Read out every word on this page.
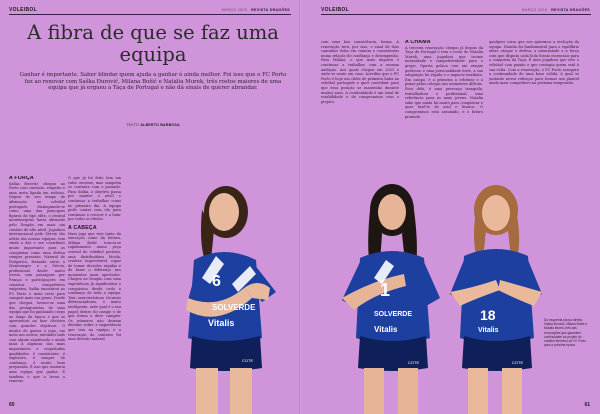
VOLEIBOL	MARÇO 2025 REVISTA DRAGÕES
A fibra de que se faz uma equipa

Ganhar é importante. Saber blindar quem ajuda a ganhar é ainda melhor. Foi isso que o FC Porto fez ao renovar com Saška Đurović, Milana Božić e Natalia Murek, três rostos maiores de uma equipa que já ergueu a Taça de Portugal e não dá sinais de querer abrandar.

TEXTO ALBERTO BARBOSA
A FORÇA

Saška Đurović chegou ao Porto com contrato, respeito e uma meta ligada em rodeios. Depois do seu tempo de afirmação no voleibol português, distinguindo-se como uma das principais figuras de tipo elite, o central montenegrino havia afirmado pelo Dragão em mais um cenário de alto nível. Jogadora internacional pela Sérvia tão atleta das nossas equipas, tem vindo a dar o seu contributo muito importante para as conquistas como uma defesa sempre presente. Natural de Podgorica, formada entre o Montenegro e a Sérvia, profissional desde muito jovem, com passagens por França e participações em cenários competitivos exigentes, Saška encontrou no FC Porto o meio certo para cumprir mais um passo. Desde que chegou, tornou-se uma das protagonistas de uma equipa que foi ganhando corpo ao longo da época e que se apresentou na fase decisiva com grandes objetivos. O intuito de gastar o jogo, em meio aos outros, entender lado com algum significado e ainda mais a algumas das mais importantes e respeitadas qualidades: é consistente, é explosiva, é sempre de confiança, é muito bem preparada. É isso que sustenta uma equipa que ganha. E também o que a levou a renovar.

O que já foi feito tem um valor enorme, mas ninguém se contenta com o passado. Para Saška, o objetivo passa por manter o nível e continuar a trabalhar como no primeiro dia. A equipa pode contar com ela para continuar a crescer e a lutar por todos os títulos.

A CABEÇA

Num jogo que vive tanto da execução como da leitura, Milana Božić tornou-se rapidamente numa peça central do voleibol portista, uma distribuidora lúcida, criativa, imprevisível, capaz de tomar decisões rápidas e de fazer a diferença nos momentos mais apertados. Chegou ao Dragão com uma experiência já significativa e conquistou desde cedo a confiança de toda a equipa. Tem características técnicas diferenciadoras, é muito inteligente, sabe qual é o seu papel dentro do campo e de que forma o deve cumprir. Os números não deixam dúvidas sobre a importância que tem na equipa, e a renovação do contrato foi uma decisão natural.

60
VOLEIBOL	MARÇO 2025 REVISTA DRAGÕES

com uma boa consistência, forma. A renovação terá, por isso, o sinal de dois caminhos tidos em comum e consistentes numa relação de confiança e desempenho. Para Milana, o que mais importa é continuar a trabalhar com a mesma ambição. Aos quais chegou em 2023 e onde se sente em casa. Acredita que o FC Porto é hoje um clube de primeira linha no voleibol português e quer contribuir para que essa posição se mantenha durante muitos anos. A continuidade é um sinal de estabilidade e de compromisso com o projeto.

A CHAMA

A terceira renovação chegou já depois da Taça de Portugal e tem o rosto de Natalia Murek, uma jogadora que trouxe intensidade e competitividade para o grupo. Oposta polaca com um ataque poderoso e uma personalidade forte, a sua adaptação foi rápida e o impacto imediato. Em campo, é a primeira a celebrar e a puxar pelas colegas nos momentos difíceis. Fora dele, é uma presença tranquila, trabalhadora e profissional, uma referência para as mais jovens. Natalia sabe que ainda há muito para conquistar e quer fazê-lo de azul e branco. O compromisso está assumido, e o futuro promete.

qualquer coisa que nos quisemos a evolução da equipa. Natalia foi fundamental para o equilíbrio entre ataque e defesa, a intensidade e a força com que disputa cada bola foram essenciais para a conquista da Taça. É uma jogadora que vive o voleibol com paixão e que contagia quem está à sua volta. Com a renovação, o FC Porto assegura a continuidade de uma base sólida, à qual se juntarão novos reforços para formar um plantel ainda mais competitivo na próxima temporada.

61
6
SOLVERDE
Vitalis
COTE
1
SOLVERDE
Vitalis
COTE
18
Vitalis
COTE

Da esquerda para a direita: Saška Đurović, Milana Božić e Natalia Murek, três das renovações que garantem continuidade ao projeto do voleibol feminino do FC Porto para a próxima época.
